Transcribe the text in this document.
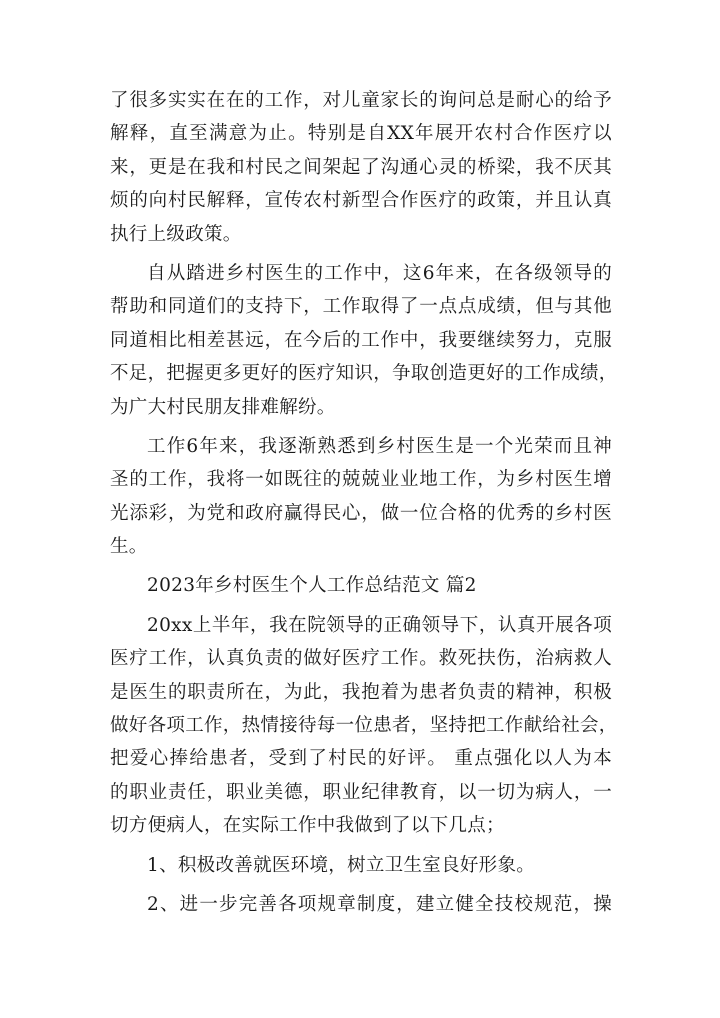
了很多实实在在的工作，对儿童家长的询问总是耐心的给予
解释，直至满意为止。特别是自XX年展开农村合作医疗以
来，更是在我和村民之间架起了沟通心灵的桥梁，我不厌其
烦的向村民解释，宣传农村新型合作医疗的政策，并且认真
执行上级政策。
自从踏进乡村医生的工作中，这6年来，在各级领导的
帮助和同道们的支持下，工作取得了一点点成绩，但与其他
同道相比相差甚远，在今后的工作中，我要继续努力，克服
不足，把握更多更好的医疗知识，争取创造更好的工作成绩，
为广大村民朋友排难解纷。
工作6年来，我逐渐熟悉到乡村医生是一个光荣而且神
圣的工作，我将一如既往的兢兢业业地工作，为乡村医生增
光添彩，为党和政府赢得民心，做一位合格的优秀的乡村医
生。
2023年乡村医生个人工作总结范文 篇2
20xx上半年，我在院领导的正确领导下，认真开展各项
医疗工作，认真负责的做好医疗工作。救死扶伤，治病救人
是医生的职责所在，为此，我抱着为患者负责的精神，积极
做好各项工作，热情接待每一位患者，坚持把工作献给社会，
把爱心捧给患者，受到了村民的好评。 重点强化以人为本
的职业责任，职业美德，职业纪律教育，以一切为病人，一
切方便病人，在实际工作中我做到了以下几点；
1、积极改善就医环境，树立卫生室良好形象。
2、进一步完善各项规章制度，建立健全技校规范，操
